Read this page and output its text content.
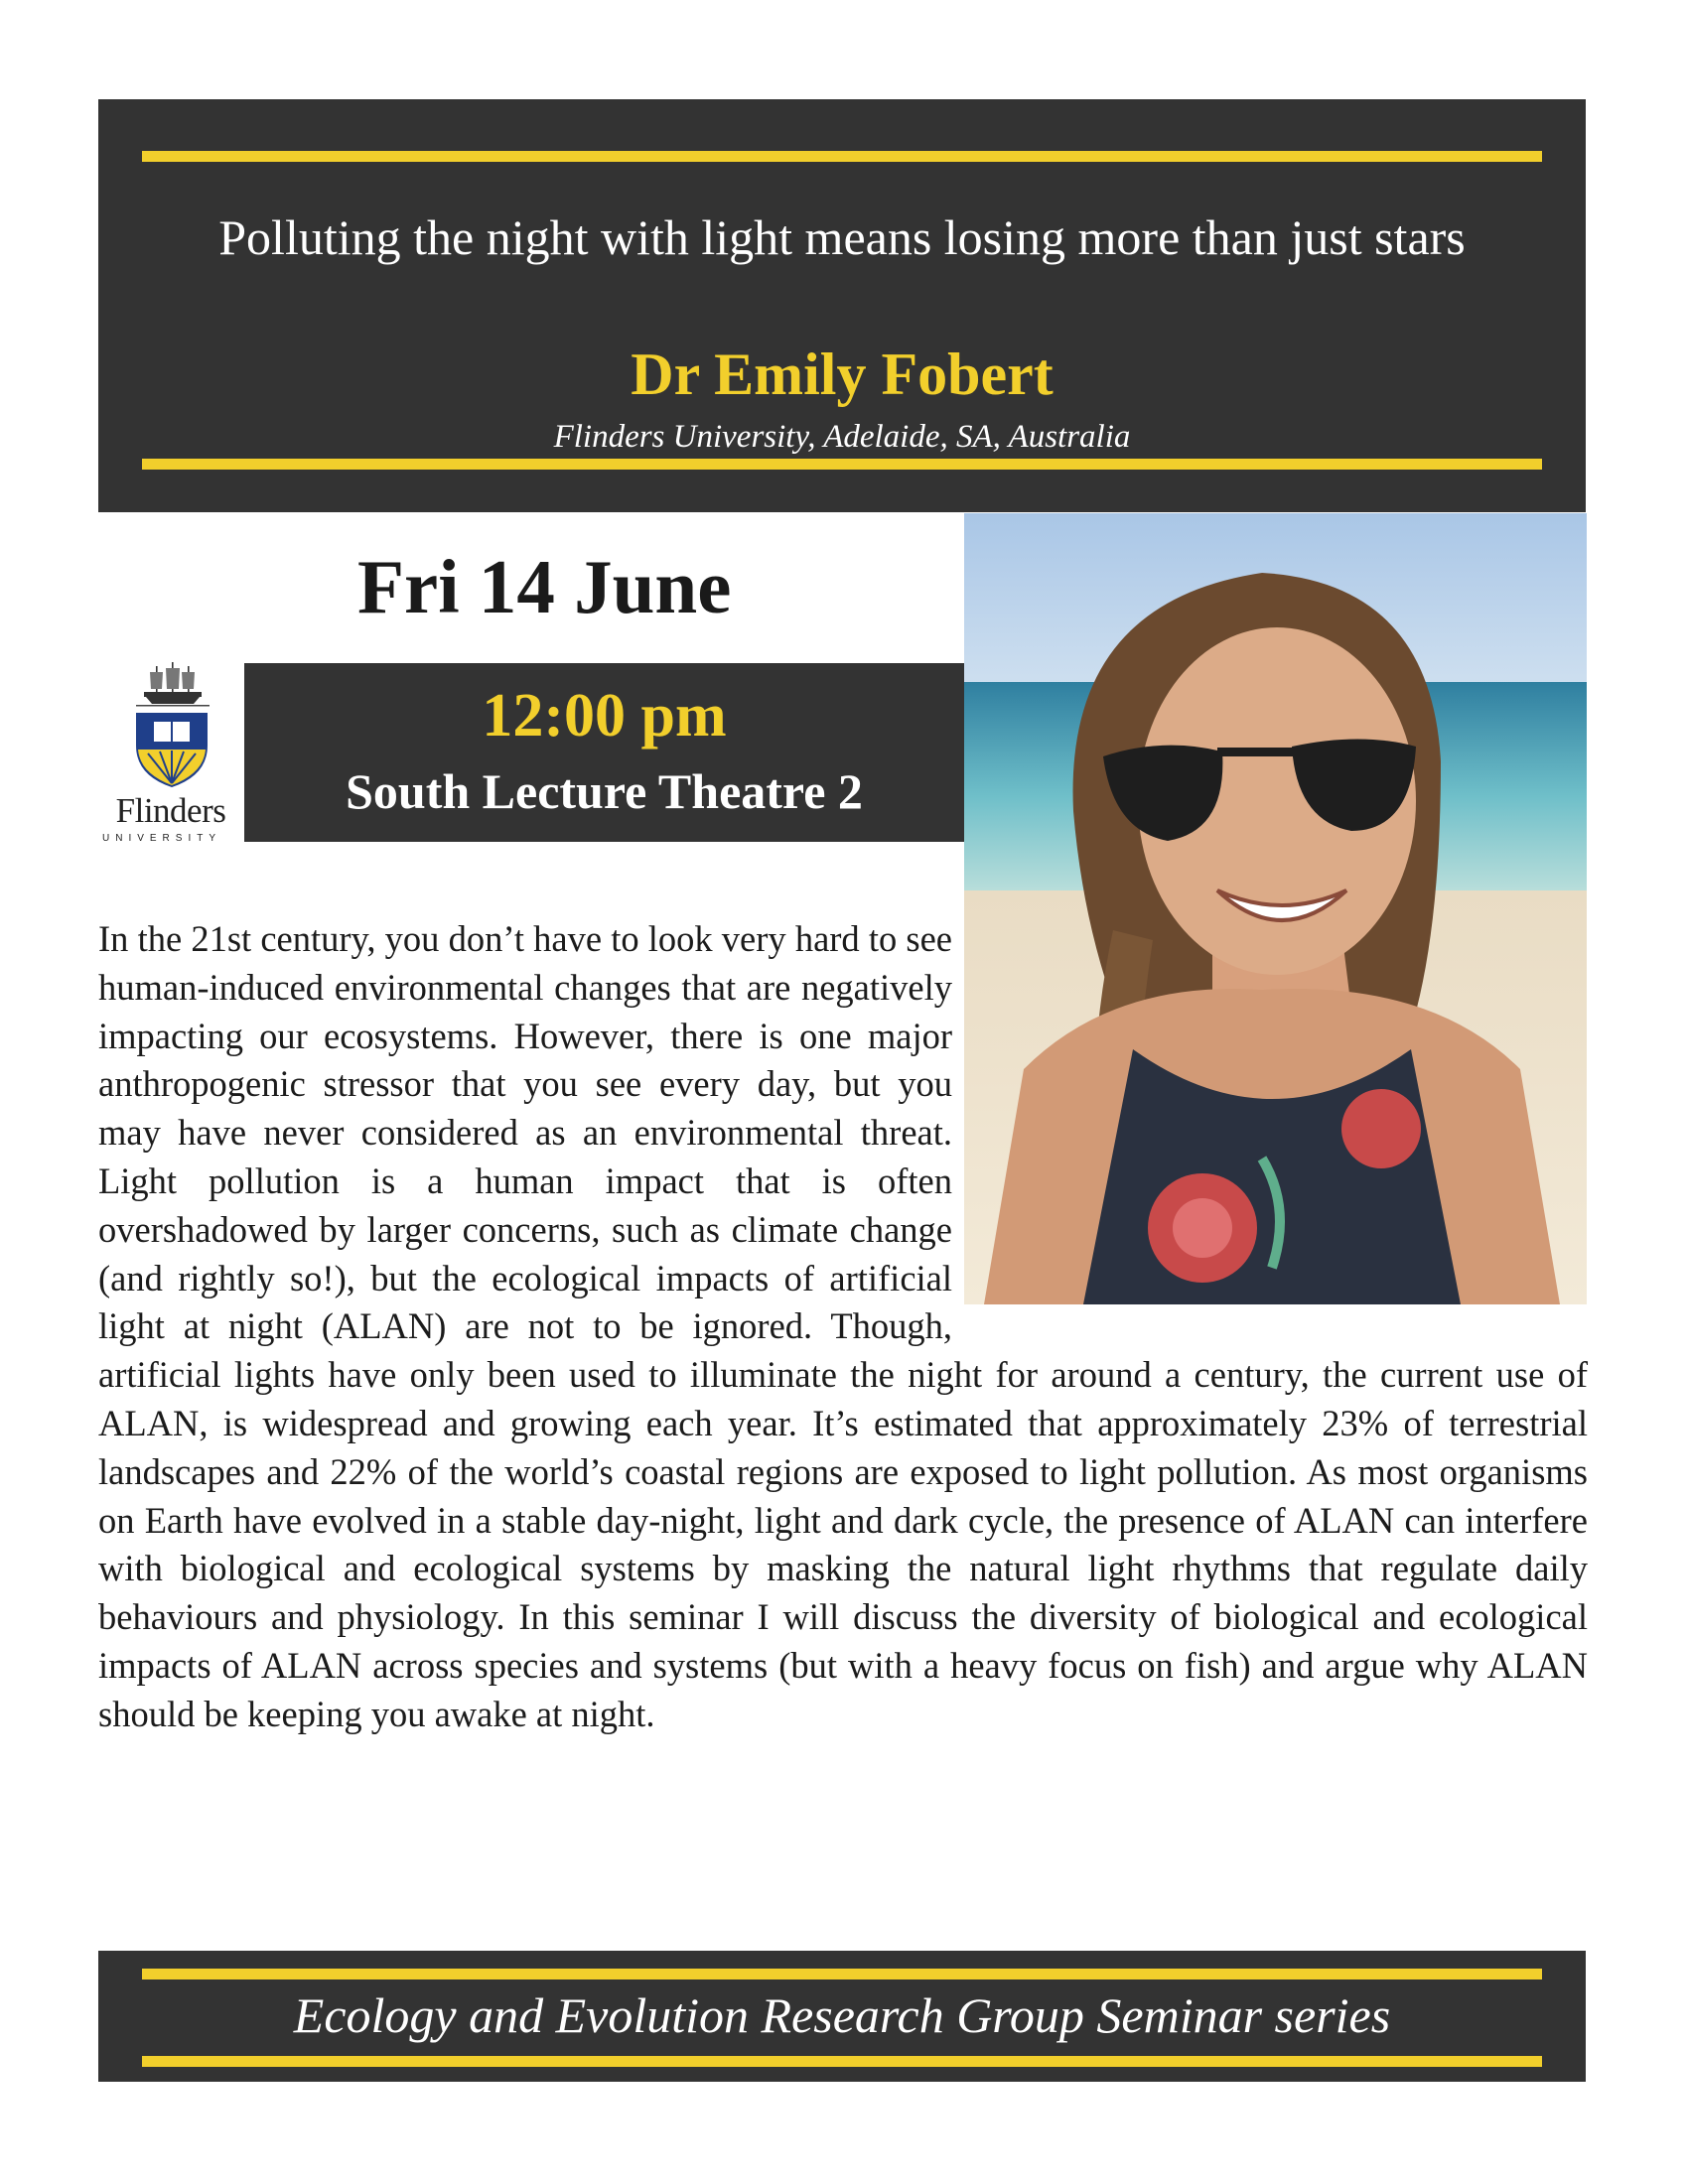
Polluting the night with light means losing more than just stars
Dr Emily Fobert
Flinders University, Adelaide, SA, Australia
Fri 14 June
Flinders
UNIVERSITY
12:00 pm
South Lecture Theatre 2
In the 21st century, you don’t have to look very hard to see human-induced environmental changes that are negatively impacting our ecosystems. However, there is one major anthropogenic stressor that you see every day, but you may have never considered as an environmental threat. Light pollution is a human impact that is often overshadowed by larger concerns, such as climate change (and rightly so!), but the ecological impacts of artificial light at night (ALAN) are not to be ignored. Though, artificial lights have only been used to illuminate the night for around a century, the current use of ALAN, is widespread and growing each year. It’s estimated that approximately 23% of terrestrial landscapes and 22% of the world’s coastal regions are exposed to light pollution. As most organisms on Earth have evolved in a stable day-night, light and dark cycle, the presence of ALAN can interfere with biological and ecological systems by masking the natural light rhythms that regulate daily behaviours and physiology. In this seminar I will discuss the diversity of biological and ecological impacts of ALAN across species and systems (but with a heavy focus on fish) and argue why ALAN should be keeping you awake at night.
Ecology and Evolution Research Group Seminar series
